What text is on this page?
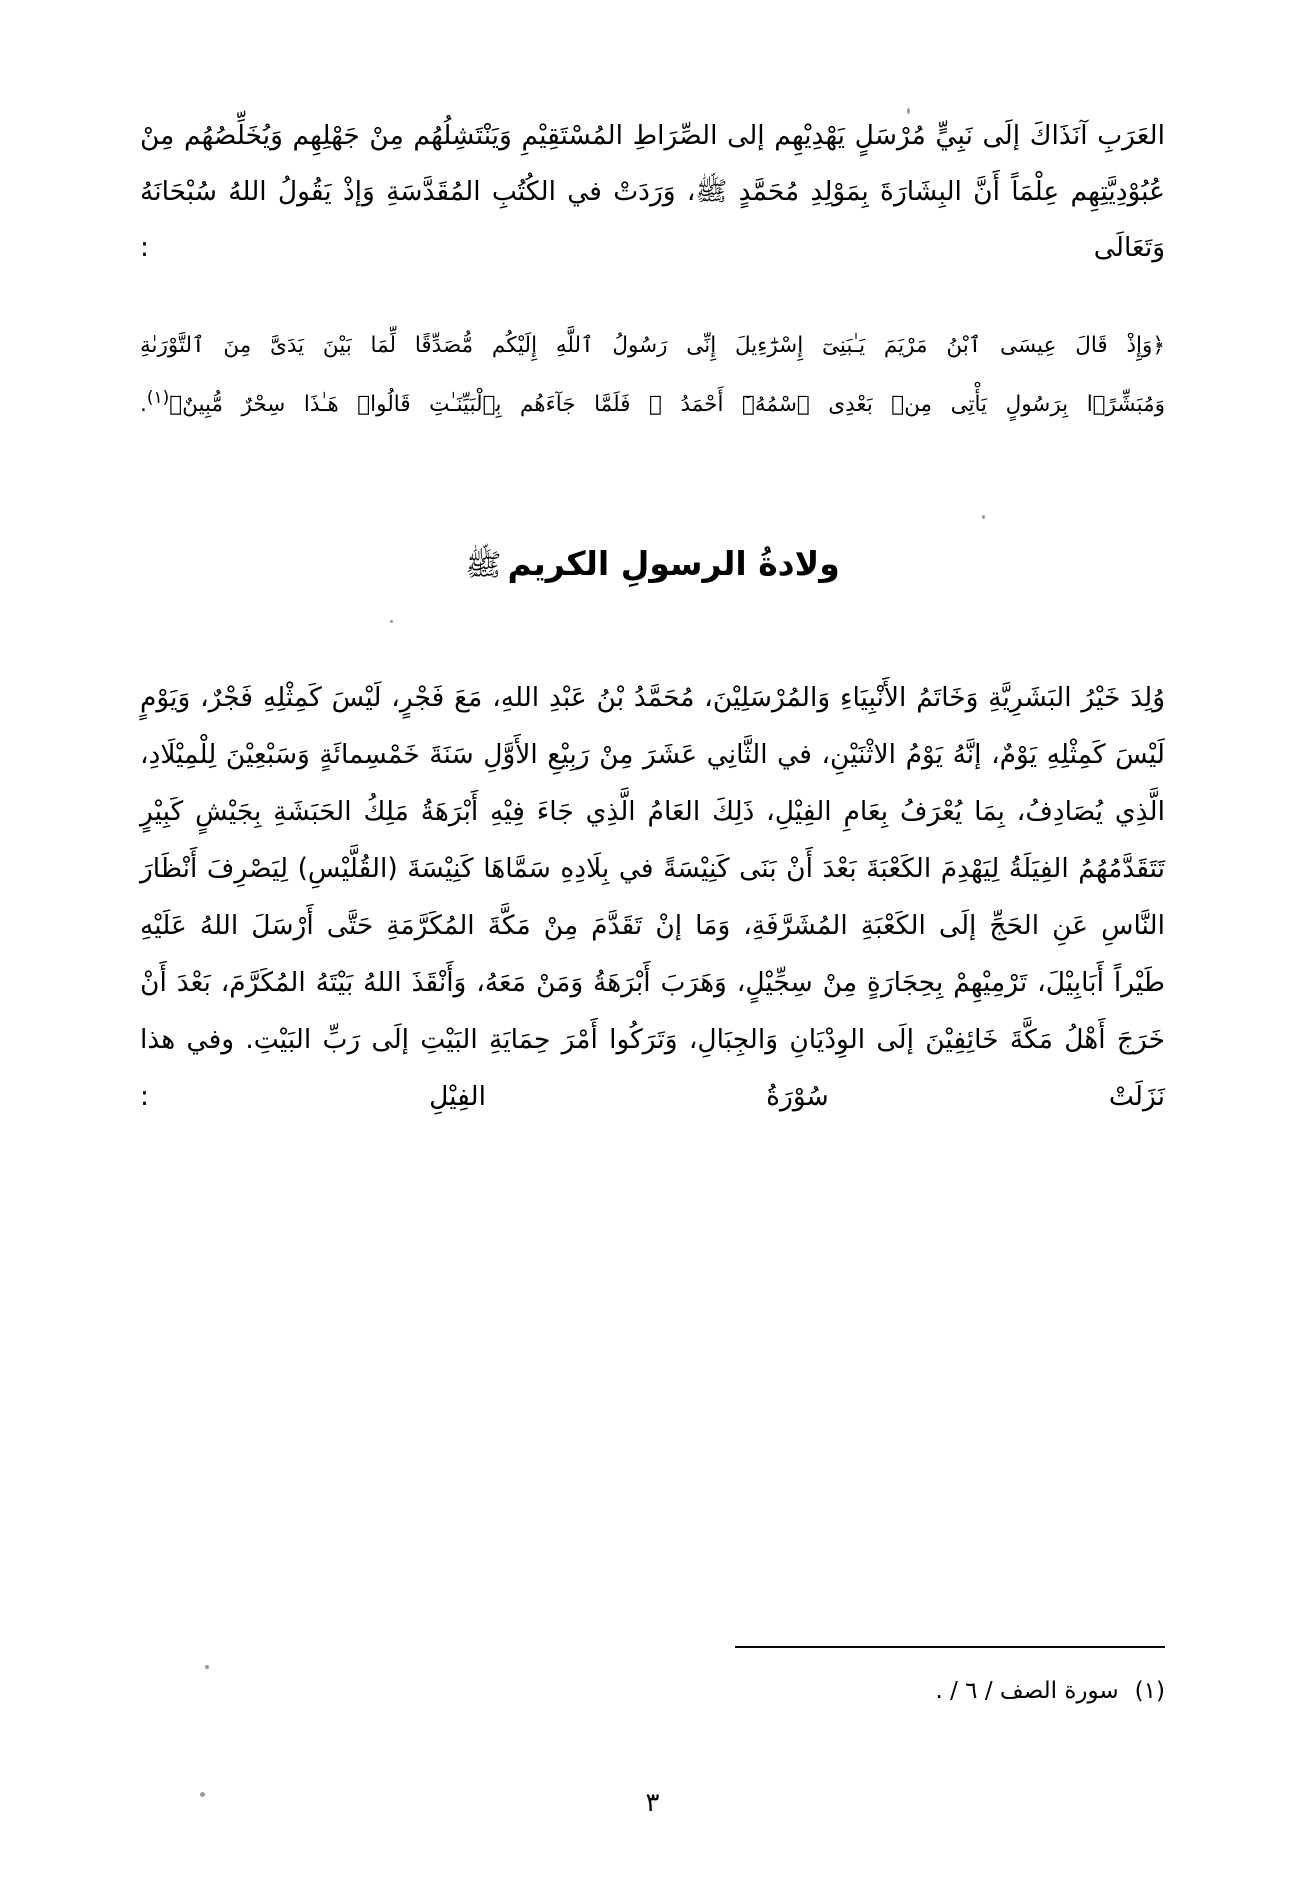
العَرَبِ آنَذَاكَ إلَى نَبِيٍّ مُرْسَلٍ يَهْدِيْهِم إلى الصِّرَاطِ المُسْتَقِيْمِ وَيَنْتَشِلُهُم مِنْ جَهْلِهِم وَيُخَلِّصُهُم مِنْ عُبُوْدِيَّتِهِم عِلْمَاً أَنَّ البِشَارَةَ بِمَوْلِدِ مُحَمَّدٍ ﷺ، وَرَدَتْ في الكُتُبِ المُقَدَّسَةِ وَإذْ يَقُولُ اللهُ سُبْحَانَهُ وَتَعَالَى :

﴿وَإِذْ قَالَ عِيسَى ٱبْنُ مَرْيَمَ يَـٰبَنِىٓ إِسْرَٰٓءِيلَ إِنِّى رَسُولُ ٱللَّهِ إِلَيْكُم مُّصَدِّقًا لِّمَا بَيْنَ يَدَىَّ مِنَ ٱلتَّوْرَىٰةِ
وَمُبَشِّرًۢا بِرَسُولٍ يَأْتِى مِنۢ بَعْدِى ٱسْمُهُۥٓ أَحْمَدُ ۖ فَلَمَّا جَآءَهُم بِٱلْبَيِّنَـٰتِ قَالُوا۟ هَـٰذَا سِحْرٌ مُّبِينٌ﴾$^{(١)}$.
ولادةُ الرسولِ الكريمﷺ

وُلِدَ خَيْرُ البَشَرِيَّةِ وَخَاتَمُ الأَنْبِيَاءِ وَالمُرْسَلِيْنَ، مُحَمَّدُ بْنُ عَبْدِ اللهِ، مَعَ فَجْرٍ، لَيْسَ كَمِثْلِهِ فَجْرٌ، وَيَوْمٍ لَيْسَ كَمِثْلِهِ يَوْمٌ، إنَّهُ يَوْمُ الاثْنَيْنِ، في الثَّانِي عَشَرَ مِنْ رَبِيْعِ الأَوَّلِ سَنَةَ خَمْسِمائَةٍ وَسَبْعِيْنَ لِلْمِيْلَادِ، الَّذِي يُصَادِفُ، بِمَا يُعْرَفُ بِعَامِ الفِيْلِ، ذَلِكَ العَامُ الَّذِي جَاءَ فِيْهِ أَبْرَهَةُ مَلِكُ الحَبَشَةِ بِجَيْشٍ كَبِيْرٍ تَتَقَدَّمُهُمُ الفِيَلَةُ لِيَهْدِمَ الكَعْبَةَ بَعْدَ أَنْ بَنَى كَنِيْسَةً في بِلَادِهِ سَمَّاهَا كَنِيْسَةَ (القُلَّيْسِ) لِيَصْرِفَ أَنْظَارَ النَّاسِ عَنِ الحَجِّ إلَى الكَعْبَةِ المُشَرَّفَةِ، وَمَا إنْ تَقَدَّمَ مِنْ مَكَّةَ المُكَرَّمَةِ حَتَّى أَرْسَلَ اللهُ عَلَيْهِ طَيْراً أَبَابِيْلَ، تَرْمِيْهِمْ بِحِجَارَةٍ مِنْ سِجِّيْلٍ، وَهَرَبَ أَبْرَهَةُ وَمَنْ مَعَهُ، وَأَنْقَذَ اللهُ بَيْتَهُ المُكَرَّمَ، بَعْدَ أَنْ خَرَجَ أَهْلُ مَكَّةَ خَائِفِيْنَ إلَى الوِدْيَانِ وَالجِبَالِ، وَتَرَكُوا أَمْرَ حِمَايَةِ البَيْتِ إلَى رَبِّ البَيْتِ. وفي هذا نَزَلَتْ سُوْرَةُ الفِيْلِ :

(١)سورة الصف / ٦ / .
٣
